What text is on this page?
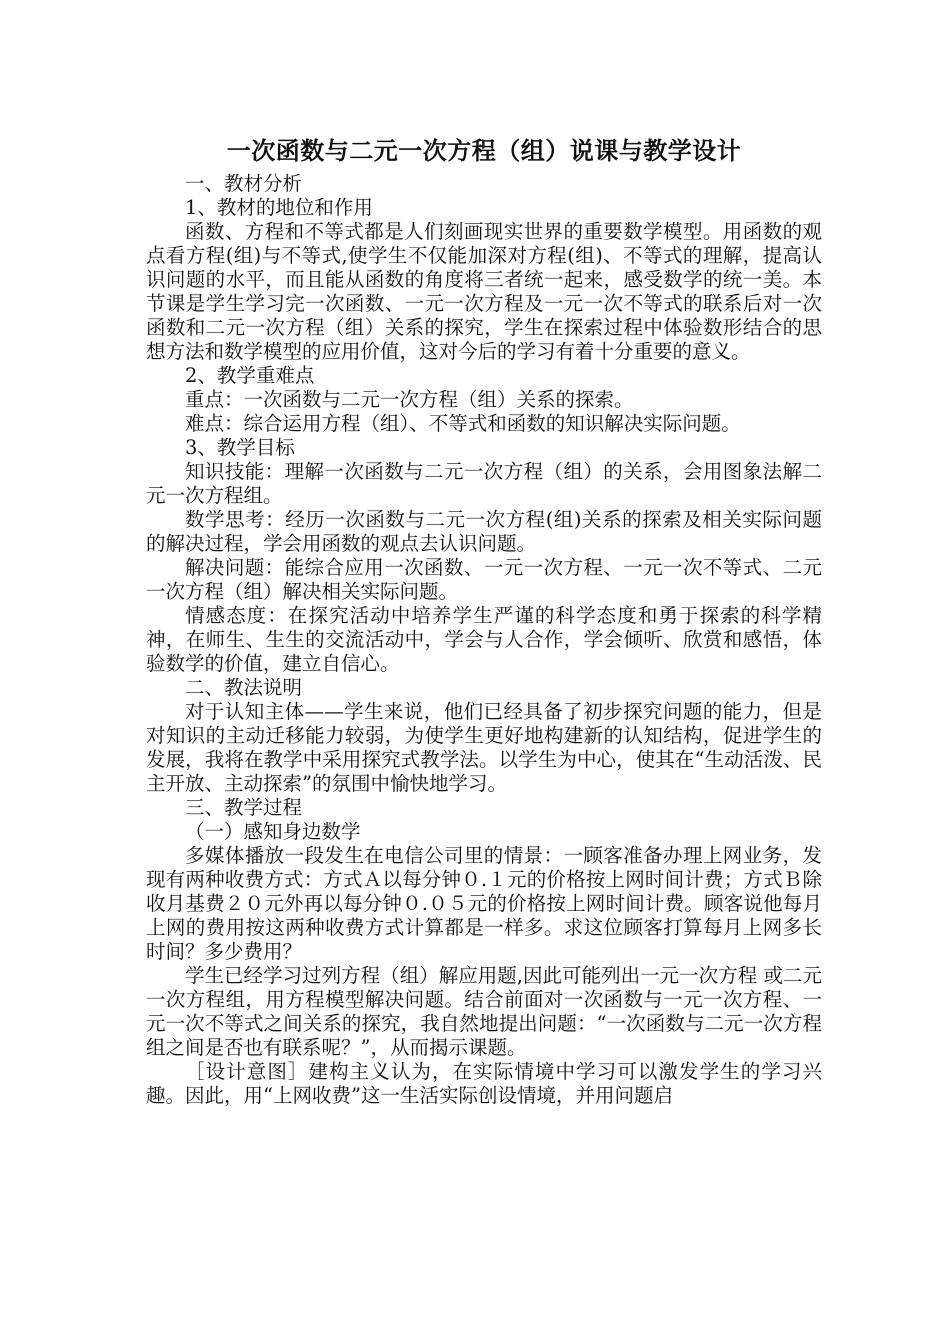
一次函数与二元一次方程（组）说课与教学设计

一、教材分析

1、教材的地位和作用

函数、方程和不等式都是人们刻画现实世界的重要数学模型。用函数的观点看方程(组)与不等式,使学生不仅能加深对方程(组)、不等式的理解，提高认识问题的水平，而且能从函数的角度将三者统一起来，感受数学的统一美。本节课是学生学习完一次函数、一元一次方程及一元一次不等式的联系后对一次函数和二元一次方程（组）关系的探究，学生在探索过程中体验数形结合的思想方法和数学模型的应用价值，这对今后的学习有着十分重要的意义。

2、教学重难点

重点：一次函数与二元一次方程（组）关系的探索。

难点：综合运用方程（组）、不等式和函数的知识解决实际问题。

3、教学目标

知识技能：理解一次函数与二元一次方程（组）的关系，会用图象法解二元一次方程组。

数学思考：经历一次函数与二元一次方程(组)关系的探索及相关实际问题的解决过程，学会用函数的观点去认识问题。

解决问题：能综合应用一次函数、一元一次方程、一元一次不等式、二元一次方程（组）解决相关实际问题。

情感态度：在探究活动中培养学生严谨的科学态度和勇于探索的科学精神，在师生、生生的交流活动中，学会与人合作，学会倾听、欣赏和感悟，体验数学的价值，建立自信心。

二、教法说明

对于认知主体——学生来说，他们已经具备了初步探究问题的能力，但是对知识的主动迁移能力较弱，为使学生更好地构建新的认知结构，促进学生的发展，我将在教学中采用探究式教学法。以学生为中心，使其在“生动活泼、民主开放、主动探索”的氛围中愉快地学习。

三、教学过程

（一）感知身边数学

多媒体播放一段发生在电信公司里的情景：一顾客准备办理上网业务，发现有两种收费方式：方式Ａ以每分钟０.１元的价格按上网时间计费；方式Ｂ除收月基费２０元外再以每分钟０.０５元的价格按上网时间计费。顾客说他每月上网的费用按这两种收费方式计算都是一样多。求这位顾客打算每月上网多长时间？多少费用？

学生已经学习过列方程（组）解应用题,因此可能列出一元一次方程 或二元一次方程组，用方程模型解决问题。结合前面对一次函数与一元一次方程、一元一次不等式之间关系的探究，我自然地提出问题：“一次函数与二元一次方程组之间是否也有联系呢？”，从而揭示课题。

［设计意图］建构主义认为，在实际情境中学习可以激发学生的学习兴趣。因此，用“上网收费”这一生活实际创设情境，并用问题启
